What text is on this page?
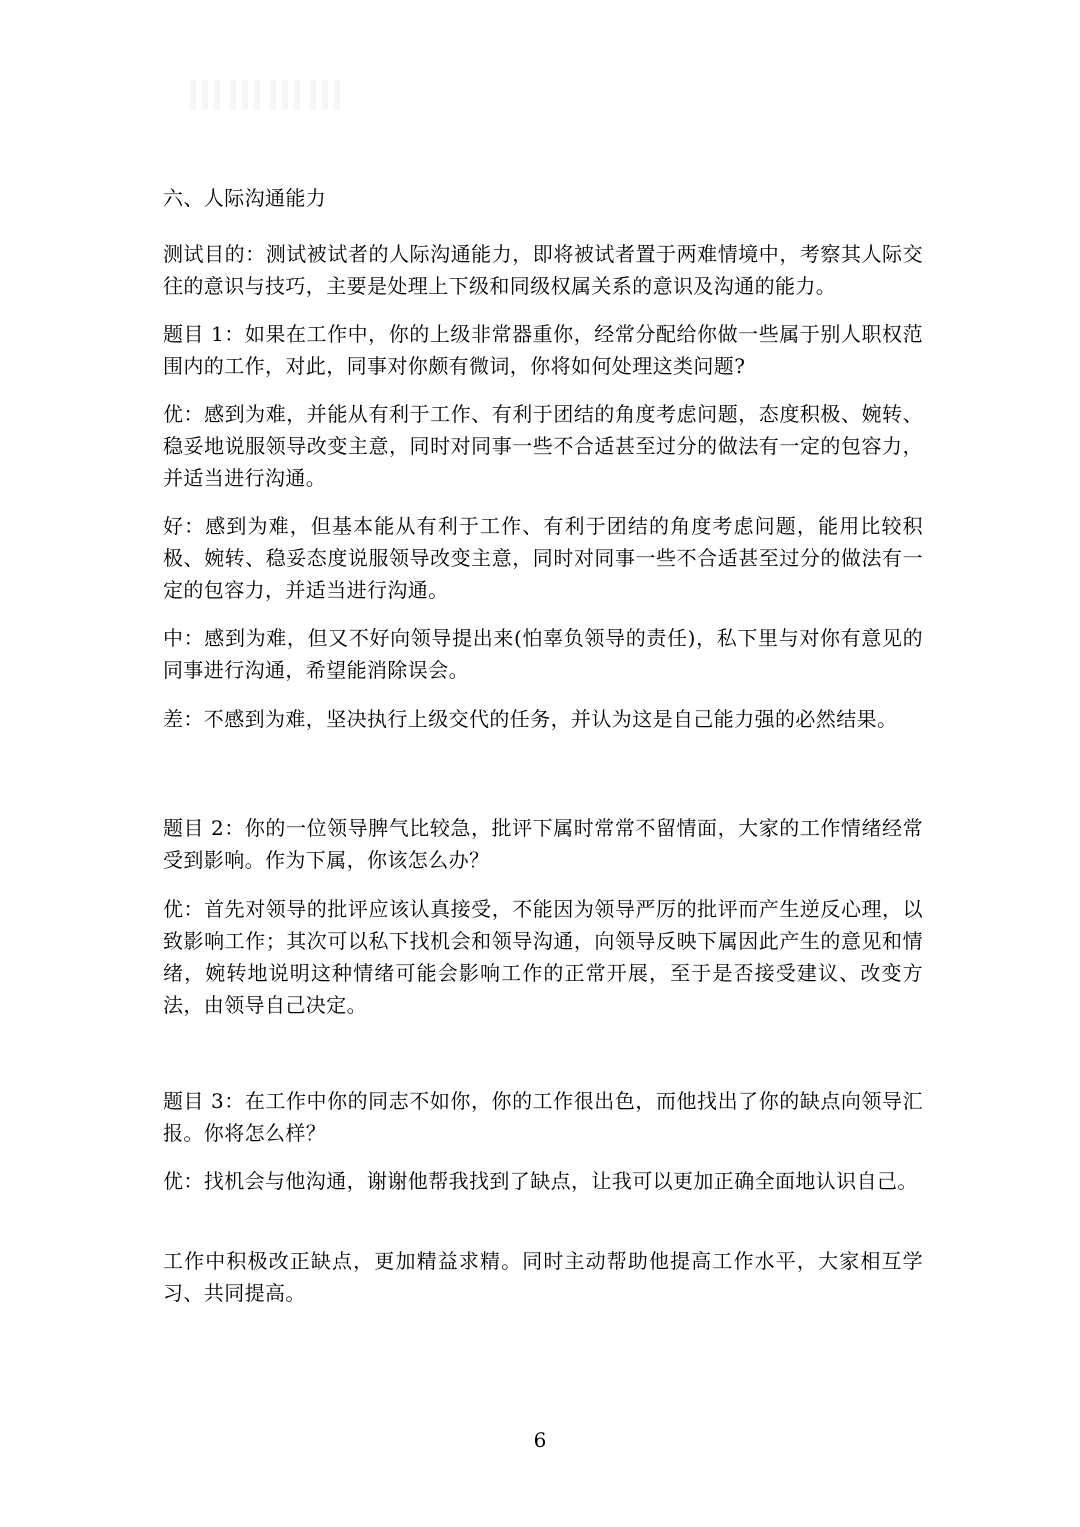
六、人际沟通能力

测试目的：测试被试者的人际沟通能力，即将被试者置于两难情境中，考察其人际交往的意识与技巧，主要是处理上下级和同级权属关系的意识及沟通的能力。

题目 1：如果在工作中，你的上级非常器重你，经常分配给你做一些属于别人职权范围内的工作，对此，同事对你颇有微词，你将如何处理这类问题?

优：感到为难，并能从有利于工作、有利于团结的角度考虑问题，态度积极、婉转、稳妥地说服领导改变主意，同时对同事一些不合适甚至过分的做法有一定的包容力，并适当进行沟通。

好：感到为难，但基本能从有利于工作、有利于团结的角度考虑问题，能用比较积极、婉转、稳妥态度说服领导改变主意，同时对同事一些不合适甚至过分的做法有一定的包容力，并适当进行沟通。

中：感到为难，但又不好向领导提出来(怕辜负领导的责任)，私下里与对你有意见的同事进行沟通，希望能消除误会。

差：不感到为难，坚决执行上级交代的任务，并认为这是自己能力强的必然结果。

题目 2：你的一位领导脾气比较急，批评下属时常常不留情面，大家的工作情绪经常受到影响。作为下属，你该怎么办？

优：首先对领导的批评应该认真接受，不能因为领导严厉的批评而产生逆反心理，以致影响工作；其次可以私下找机会和领导沟通，向领导反映下属因此产生的意见和情绪，婉转地说明这种情绪可能会影响工作的正常开展，至于是否接受建议、改变方法，由领导自己决定。

题目 3：在工作中你的同志不如你，你的工作很出色，而他找出了你的缺点向领导汇报。你将怎么样？

优：找机会与他沟通，谢谢他帮我找到了缺点，让我可以更加正确全面地认识自己。

工作中积极改正缺点，更加精益求精。同时主动帮助他提高工作水平，大家相互学习、共同提高。

6
